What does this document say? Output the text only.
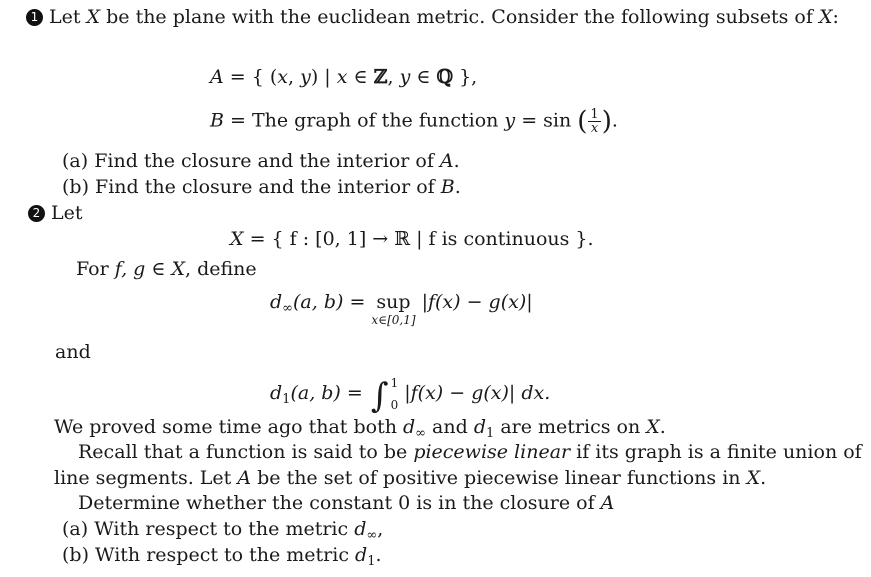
1 Let X be the plane with the euclidean metric. Consider the following subsets of X:
A = { (x, y) | x ∈ ℤ, y ∈ ℚ },
B = The graph of the function y = sin ( $\frac{1}{x}$ ).
(a) Find the closure and the interior of A.
(b) Find the closure and the interior of B.
2 Let
X = { f : [0, 1] → ℝ | f is continuous }.
For f, g ∈ X, define
$d_\infty(a$, b) = sup
x∈[0,1]
|f(x) − g(x)|
and
$d_1(a$, b) = ∫ 1
0
|f(x) − g(x)| dx.
We proved some time ago that both $d_\infty$ and $d_1$ are metrics on X.
Recall that a function is said to be piecewise linear if its graph is a finite union of
line segments. Let A be the set of positive piecewise linear functions in X.
Determine whether the constant 0 is in the closure of A
(a) With respect to the metric $d_\infty$,
(b) With respect to the metric $d_1$.
